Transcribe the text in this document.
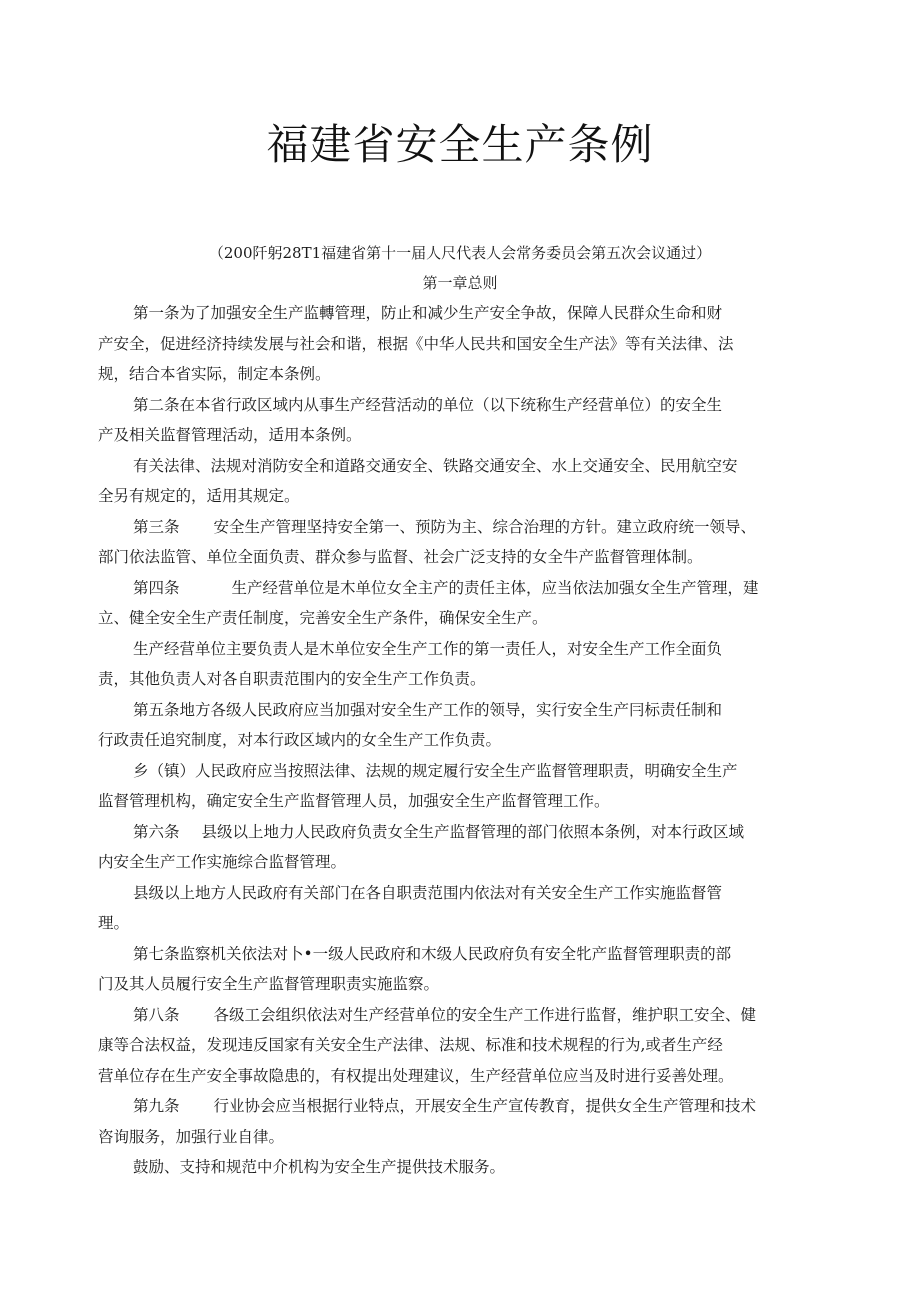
福建省安全生产条例

（200阡躬28T1福建省第十一届人尺代表人会常务委员会第五次会议通过）

第一章总则

第一条为了加强安全生产监轉管理，防止和减少生产安全争故，保障人民群众生命和财
产安全，促进经济持续发展与社会和谐，根据《中华人民共和国安全生产法》等有关法律、法
规，结合本省实际，制定本条例。
第二条在本省行政区域内从事生产经营活动的单位（以下统称生产经营单位）的安全生
产及相关监督管理活动，适用本条例。
有关法律、法规对消防安全和道路交通安全、铁路交通安全、水上交通安全、民用航空安
全另有规定的，适用其规定。
第三条 安全生产管理坚持安全第一、预防为主、综合治理的方针。建立政府统一领导、
部门依法监管、单位全面负责、群众参与监督、社会广泛支持的女全牛产监督管理体制。
第四条	生产经营单位是木单位女全主产的责任主体，应当依法加强女全生产管理，建
立、健全安全生产责任制度，完善安全生产条件，确保安全生产。
生产经营单位主要负责人是木单位安全生产工作的第一责任人，对安全生产工作全面负
责，其他负责人对各自职责范围内的安全生产工作负责。
第五条地方各级人民政府应当加强对安全生产工作的领导，实行安全生产冃标责任制和
行政责任追究制度，对本行政区域内的女全生产工作负责。
乡（镇）人民政府应当按照法律、法规的规定履行安全生产监督管理职责，明确安全生产
监督管理机构，确定安全生产监督管理人员，加强安全生产监督管理工作。
第六条 县级以上地力人民政府负责女全生产监督管理的部门依照本条例，对本行政区域
内安全生产工作实施综合监督管理。
县级以上地方人民政府有关部门在各自职责范围内依法对有关安全生产工作实施监督管
理。
第七条监察机关依法对卜•一级人民政府和木级人民政府负有安全牝产监督管理职责的部
门及其人员履行安全生产监督管理职责实施监察。
第八条 各级工会组织依法对生产经营单位的安全生产工作进行监督，维护职工安全、健
康等合法权益，发现违反国家有关安全生产法律、法规、标准和技术规程的行为,或者生产经
营单位存在生产安全事故隐患的，有权提出处理建议，生产经营单位应当及时进行妥善处理。
第九条 行业协会应当根据行业特点，开展安全生产宣传教育，提供女全生产管理和技术
咨询服务，加强行业自律。
鼓励、支持和规范中介机构为安全生产提供技术服务。
